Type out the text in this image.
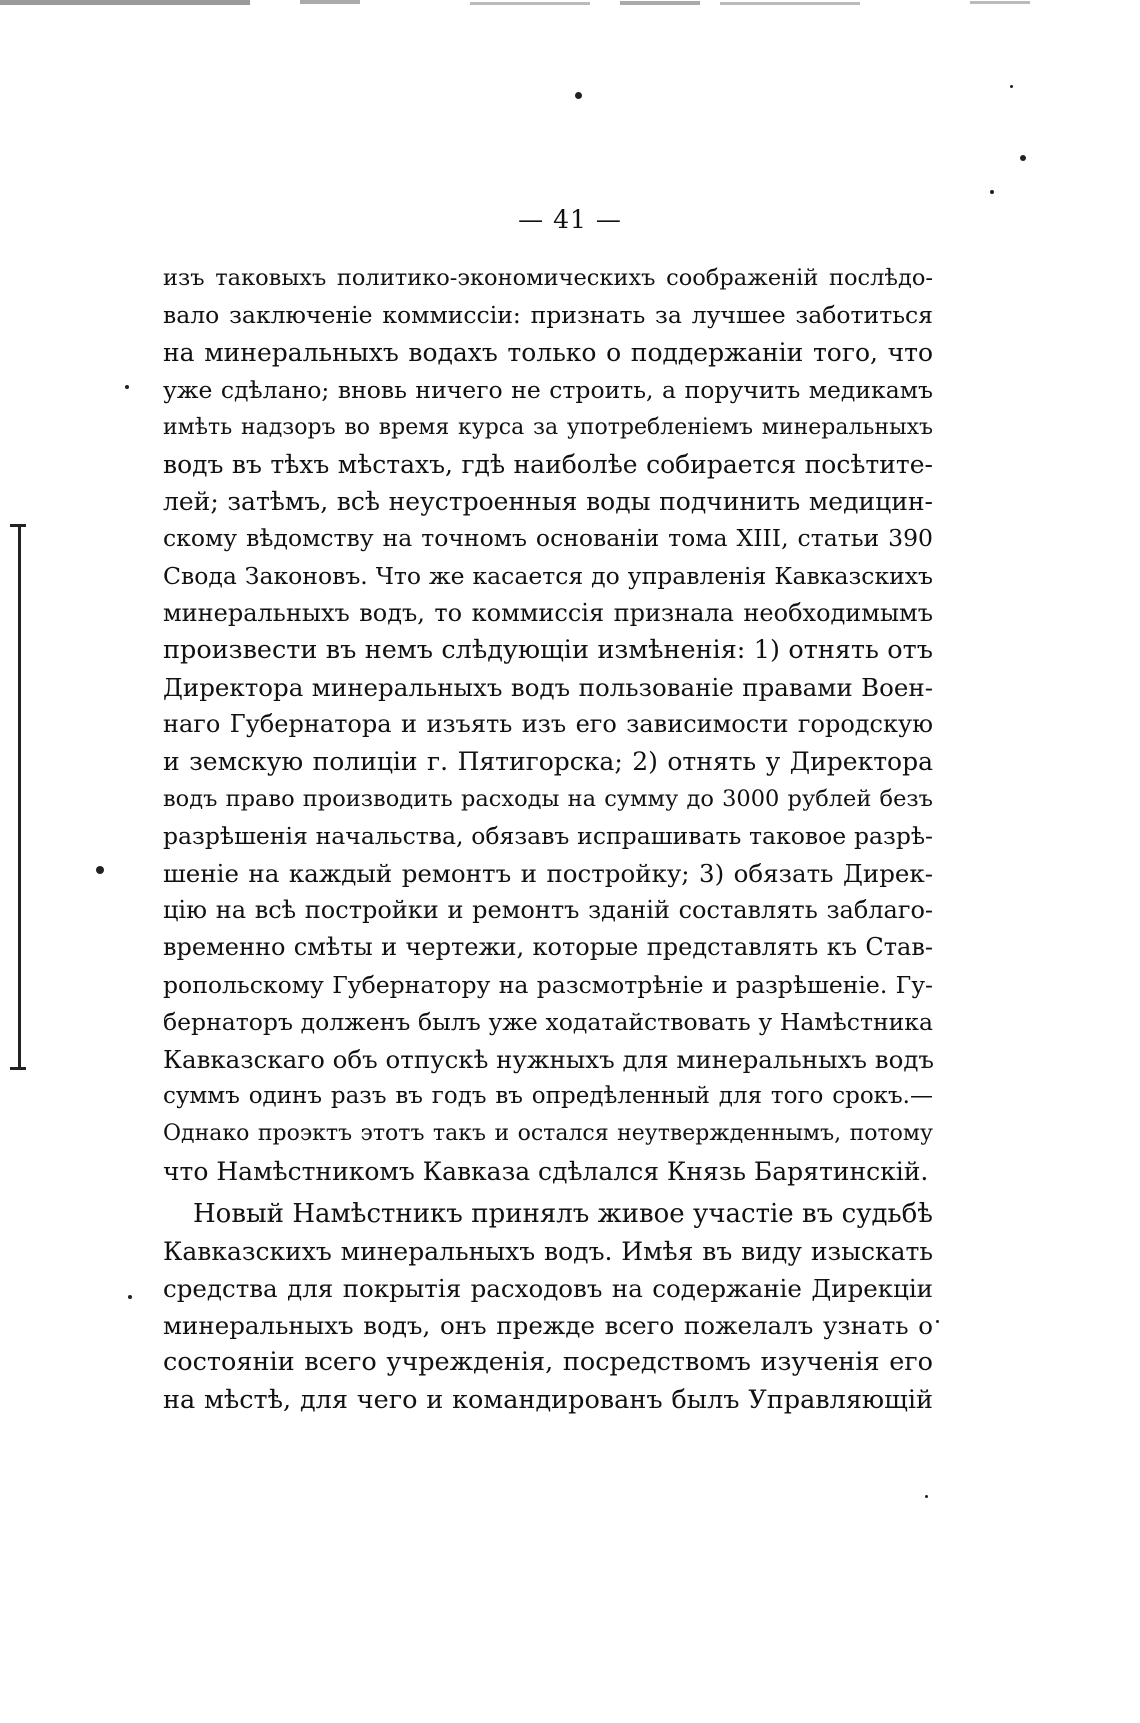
— 41 —
изъ таковыхъ политико-экономическихъ соображеній послѣдо-
вало заключеніе коммиссіи: признать за лучшее заботиться
на минеральныхъ водахъ только о поддержаніи того, что
уже сдѣлано; вновь ничего не строить, а поручить медикамъ
имѣть надзоръ во время курса за употребленіемъ минеральныхъ
водъ въ тѣхъ мѣстахъ, гдѣ наиболѣе собирается посѣтите-
лей; затѣмъ, всѣ неустроенныя воды подчинить медицин-
скому вѣдомству на точномъ основаніи тома XIII, статьи 390
Свода Законовъ. Что же касается до управленія Кавказскихъ
минеральныхъ водъ, то коммиссія признала необходимымъ
произвести въ немъ слѣдующіи измѣненія: 1) отнять отъ
Директора минеральныхъ водъ пользованіе правами Воен-
наго Губернатора и изъять изъ его зависимости городскую
и земскую полиціи г. Пятигорска; 2) отнять у Директора
водъ право производить расходы на сумму до 3000 рублей безъ
разрѣшенія начальства, обязавъ испрашивать таковое разрѣ-
шеніе на каждый ремонтъ и постройку; 3) обязать Дирек-
цію на всѣ постройки и ремонтъ зданій составлять заблаго-
временно смѣты и чертежи, которые представлять къ Став-
ропольскому Губернатору на разсмотрѣніе и разрѣшеніе. Гу-
бернаторъ долженъ былъ уже ходатайствовать у Намѣстника
Кавказскаго объ отпускѣ нужныхъ для минеральныхъ водъ
суммъ одинъ разъ въ годъ въ опредѣленный для того срокъ.—
Однако проэктъ этотъ такъ и остался неутвержденнымъ, потому
что Намѣстникомъ Кавказа сдѣлался Князь Барятинскій.
Новый Намѣстникъ принялъ живое участіе въ судьбѣ
Кавказскихъ минеральныхъ водъ. Имѣя въ виду изыскать
средства для покрытія расходовъ на содержаніе Дирекціи
минеральныхъ водъ, онъ прежде всего пожелалъ узнать о
состояніи всего учрежденія, посредствомъ изученія его
на мѣстѣ, для чего и командированъ былъ Управляющій
